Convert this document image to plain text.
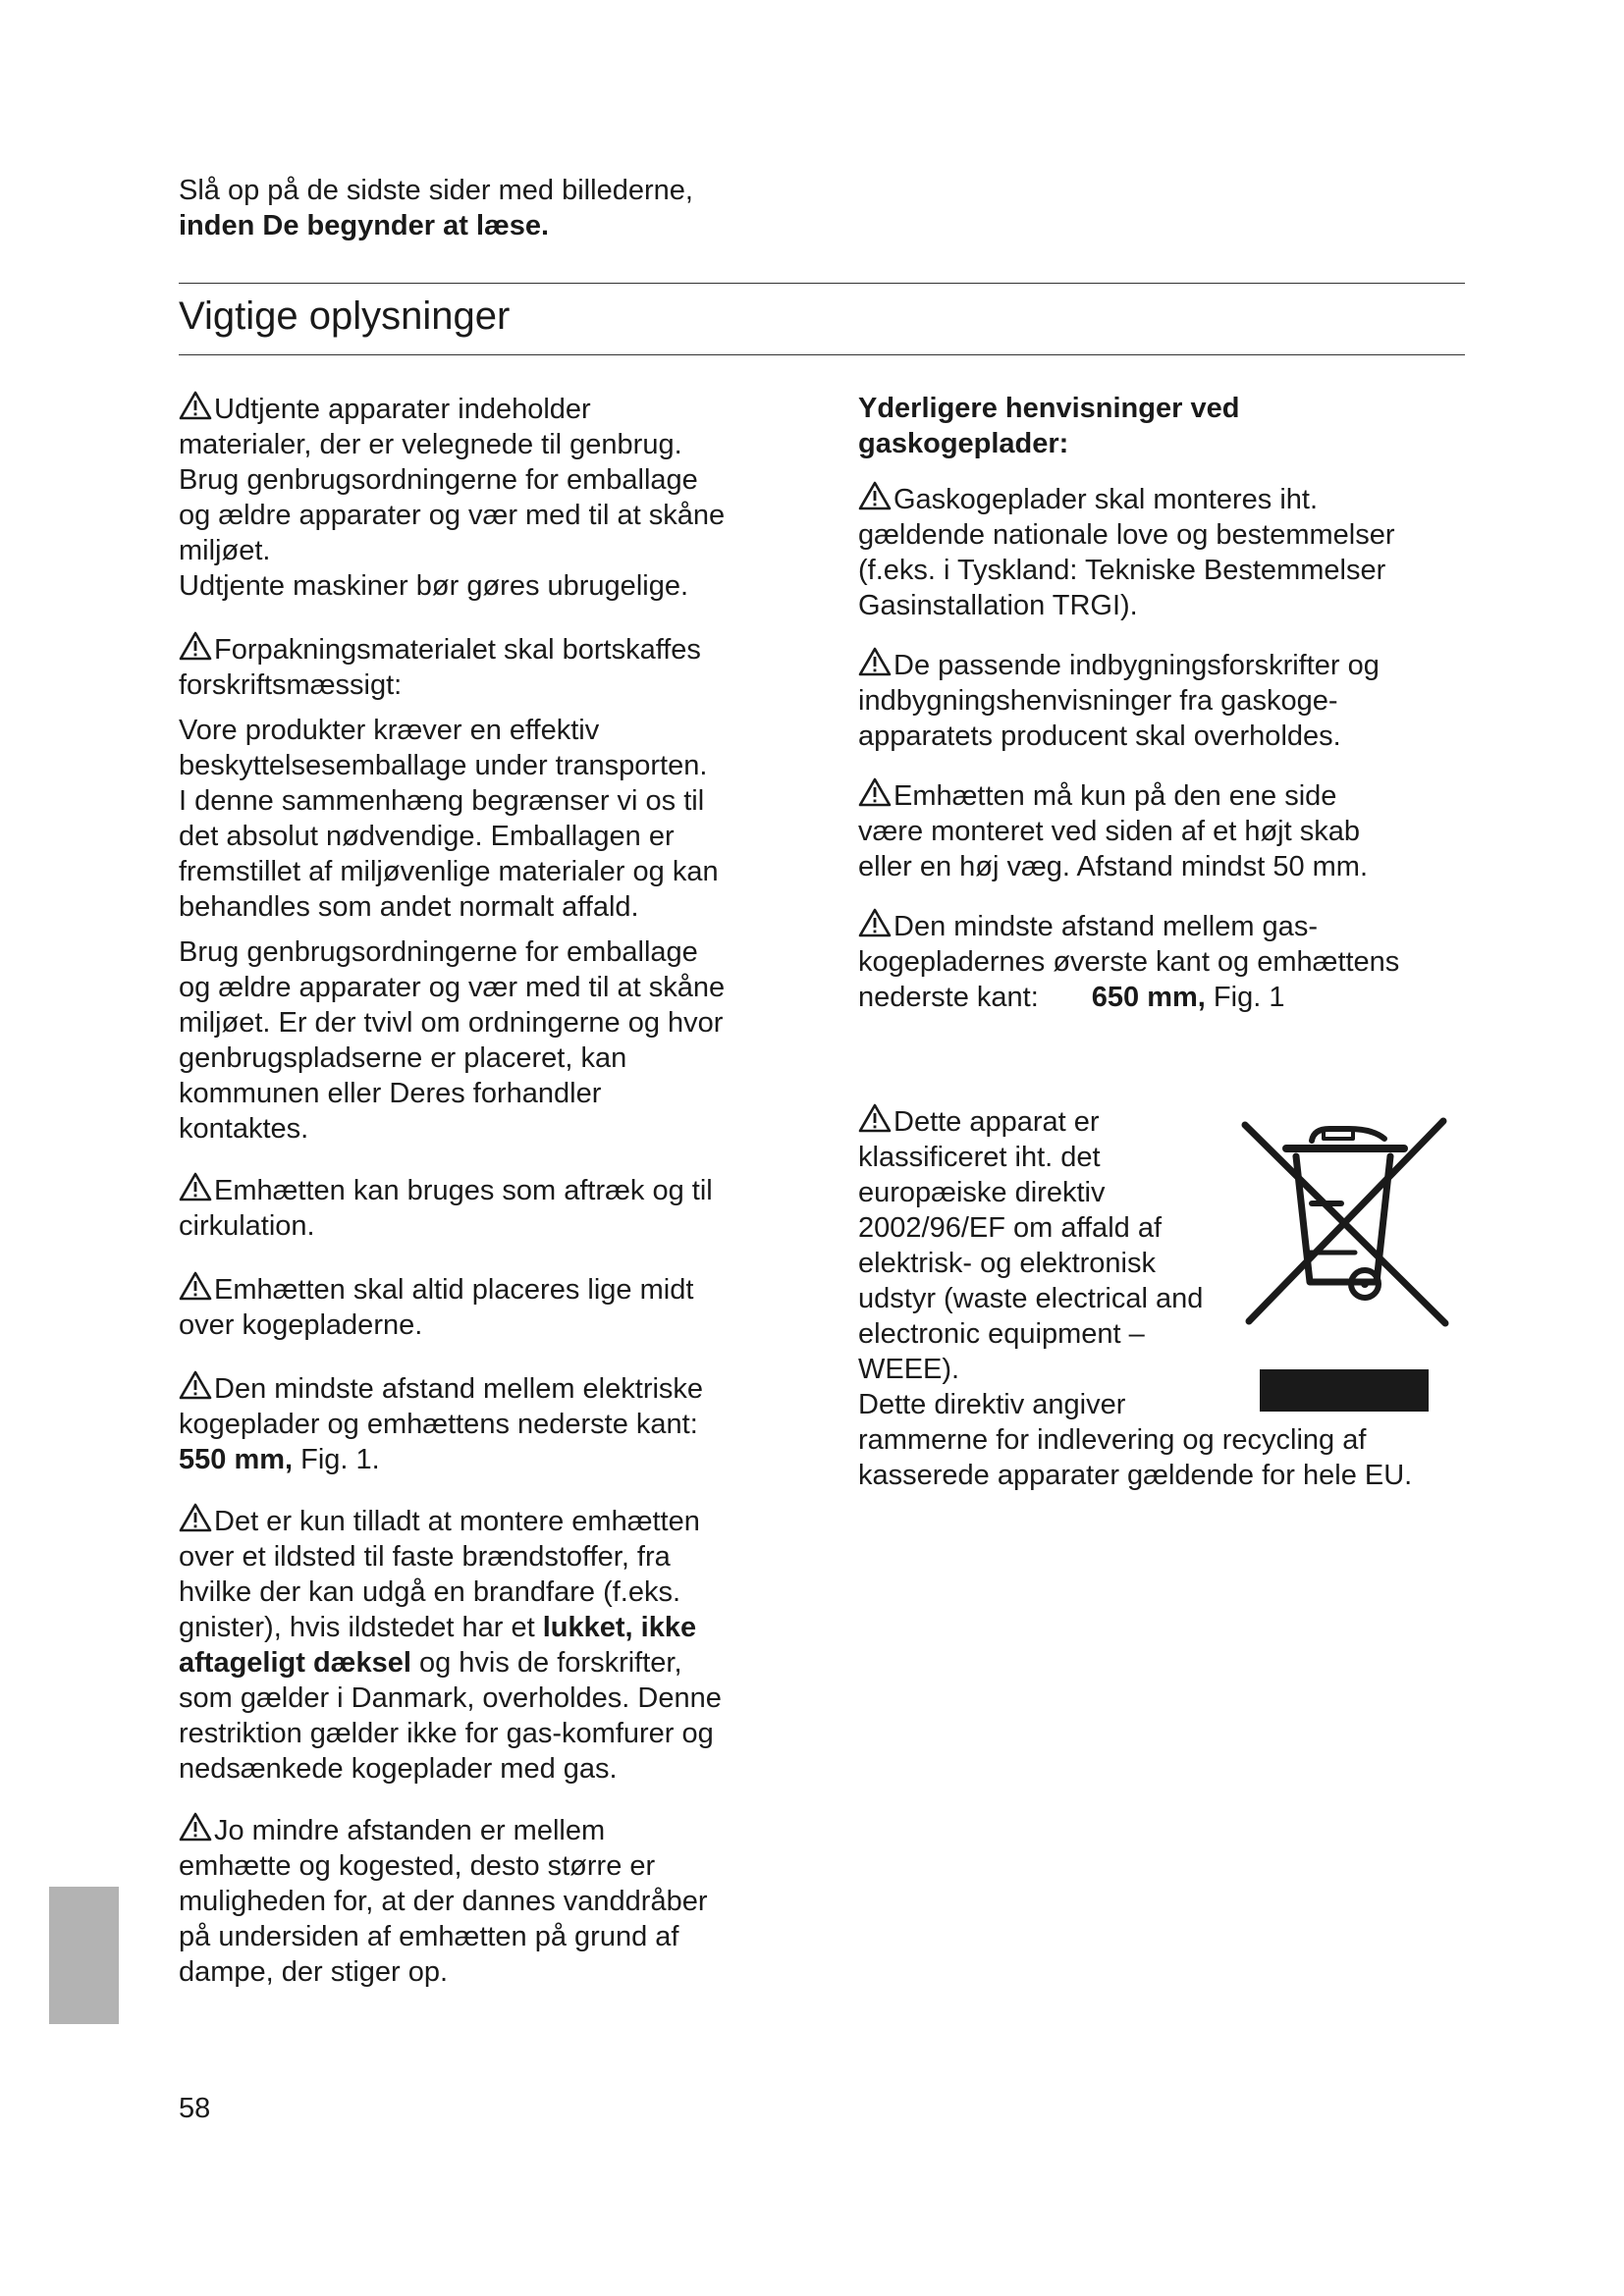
Slå op på de sidste sider med billederne,
inden De begynder at læse.
Vigtige oplysninger

Udtjente apparater indeholder
materialer, der er velegnede til genbrug.
Brug genbrugsordningerne for emballage
og ældre apparater og vær med til at skåne
miljøet.
Udtjente maskiner bør gøres ubrugelige.

Forpakningsmaterialet skal bortskaffes
forskriftsmæssigt:

Vore produkter kræver en effektiv
beskyttelsesemballage under transporten.
I denne sammenhæng begrænser vi os til
det absolut nødvendige. Emballagen er
fremstillet af miljøvenlige materialer og kan
behandles som andet normalt affald.

Brug genbrugsordningerne for emballage
og ældre apparater og vær med til at skåne
miljøet. Er der tvivl om ordningerne og hvor
genbrugspladserne er placeret, kan
kommunen eller Deres forhandler
kontaktes.

Emhætten kan bruges som aftræk og til
cirkulation.

Emhætten skal altid placeres lige midt
over kogepladerne.

Den mindste afstand mellem elektriske
kogeplader og emhættens nederste kant:
550 mm, Fig. 1.

Det er kun tilladt at montere emhætten
over et ildsted til faste brændstoffer, fra
hvilke der kan udgå en brandfare (f.eks.
gnister), hvis ildstedet har et lukket, ikke
aftageligt dæksel og hvis de forskrifter,
som gælder i Danmark, overholdes. Denne
restriktion gælder ikke for gas-komfurer og
nedsænkede kogeplader med gas.

Jo mindre afstanden er mellem
emhætte og kogested, desto større er
muligheden for, at der dannes vanddråber
på undersiden af emhætten på grund af
dampe, der stiger op.

Yderligere henvisninger ved
gaskogeplader:

Gaskogeplader skal monteres iht.
gældende nationale love og bestemmelser
(f.eks. i Tyskland: Tekniske Bestemmelser
Gasinstallation TRGI).

De passende indbygningsforskrifter og
indbygningshenvisninger fra gaskoge-
apparatets producent skal overholdes.

Emhætten må kun på den ene side
være monteret ved siden af et højt skab
eller en høj væg. Afstand mindst 50 mm.

Den mindste afstand mellem gas-
kogepladernes øverste kant og emhættens
nederste kant: 650 mm, Fig. 1

Dette apparat er
klassificeret iht. det
europæiske direktiv
2002/96/EF om affald af
elektrisk- og elektronisk
udstyr (waste electrical and
electronic equipment –
WEEE).
Dette direktiv angiver
rammerne for indlevering og recycling af
kasserede apparater gældende for hele EU.
58
